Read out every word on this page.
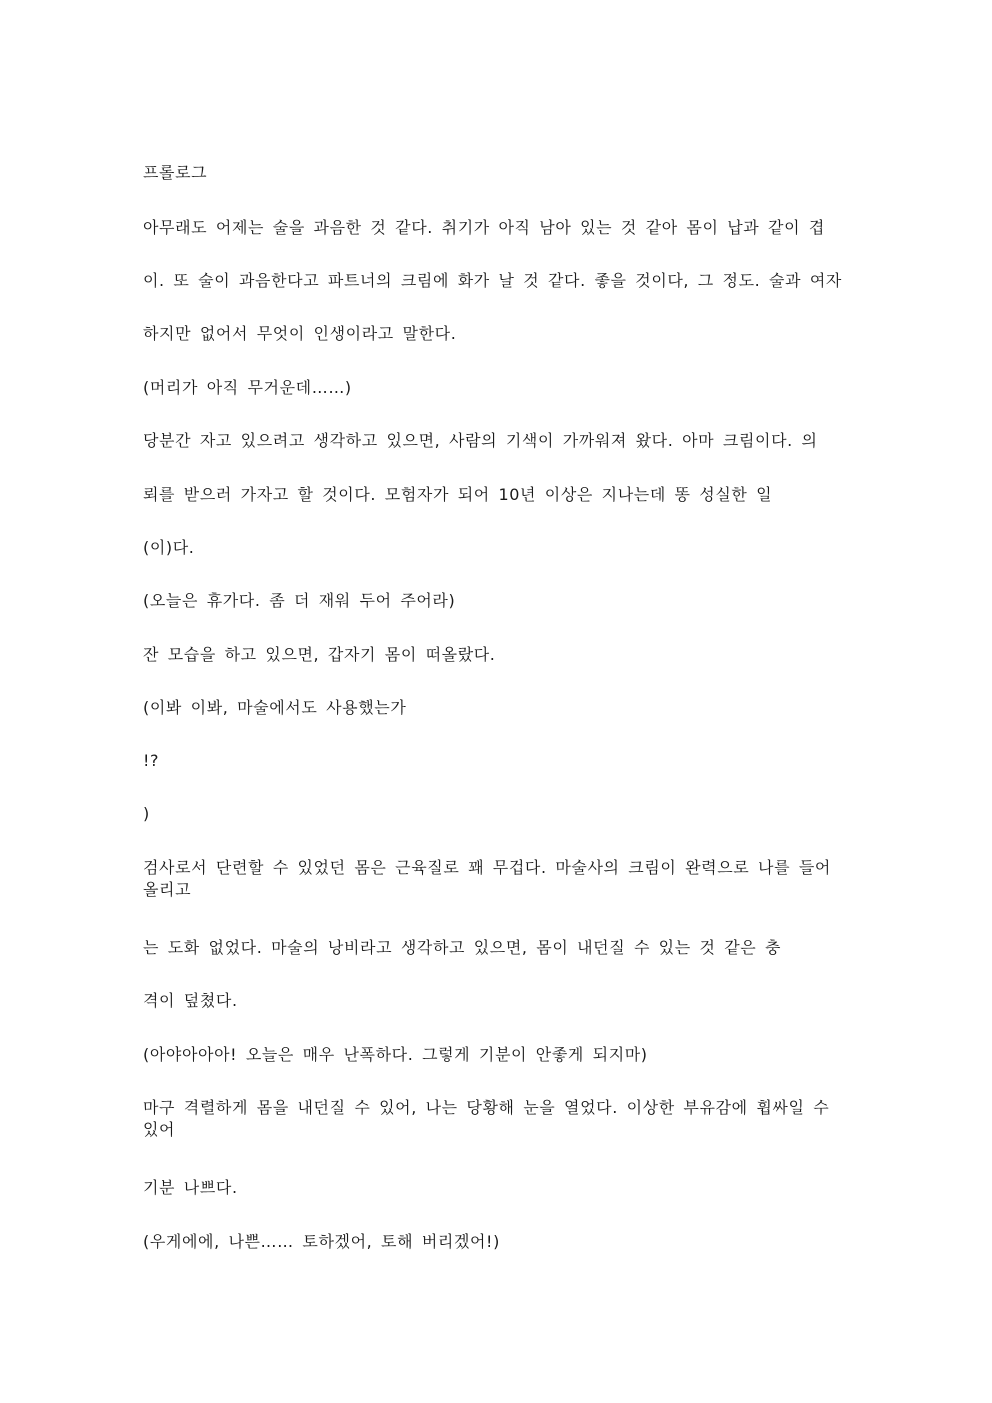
프롤로그
아무래도 어제는 술을 과음한 것 같다. 취기가 아직 남아 있는 것 같아 몸이 납과 같이 겹
이. 또 술이 과음한다고 파트너의 크림에 화가 날 것 같다. 좋을 것이다, 그 정도. 술과 여자
하지만 없어서 무엇이 인생이라고 말한다.
(머리가 아직 무거운데……)
당분간 자고 있으려고 생각하고 있으면, 사람의 기색이 가까워져 왔다. 아마 크림이다. 의
뢰를 받으러 가자고 할 것이다. 모험자가 되어 10년 이상은 지나는데 똥 성실한 일
(이)다.
(오늘은 휴가다. 좀 더 재워 두어 주어라)
잔 모습을 하고 있으면, 갑자기 몸이 떠올랐다.
(이봐 이봐, 마술에서도 사용했는가
!?
)
검사로서 단련할 수 있었던 몸은 근육질로 꽤 무겁다. 마술사의 크림이 완력으로 나를 들어 올리고
는 도화 없었다. 마술의 낭비라고 생각하고 있으면, 몸이 내던질 수 있는 것 같은 충
격이 덮쳤다.
(아야아아아! 오늘은 매우 난폭하다. 그렇게 기분이 안좋게 되지마)
마구 격렬하게 몸을 내던질 수 있어, 나는 당황해 눈을 열었다. 이상한 부유감에 휩싸일 수 있어
기분 나쁘다.
(우게에에, 나쁜…… 토하겠어, 토해 버리겠어!)
